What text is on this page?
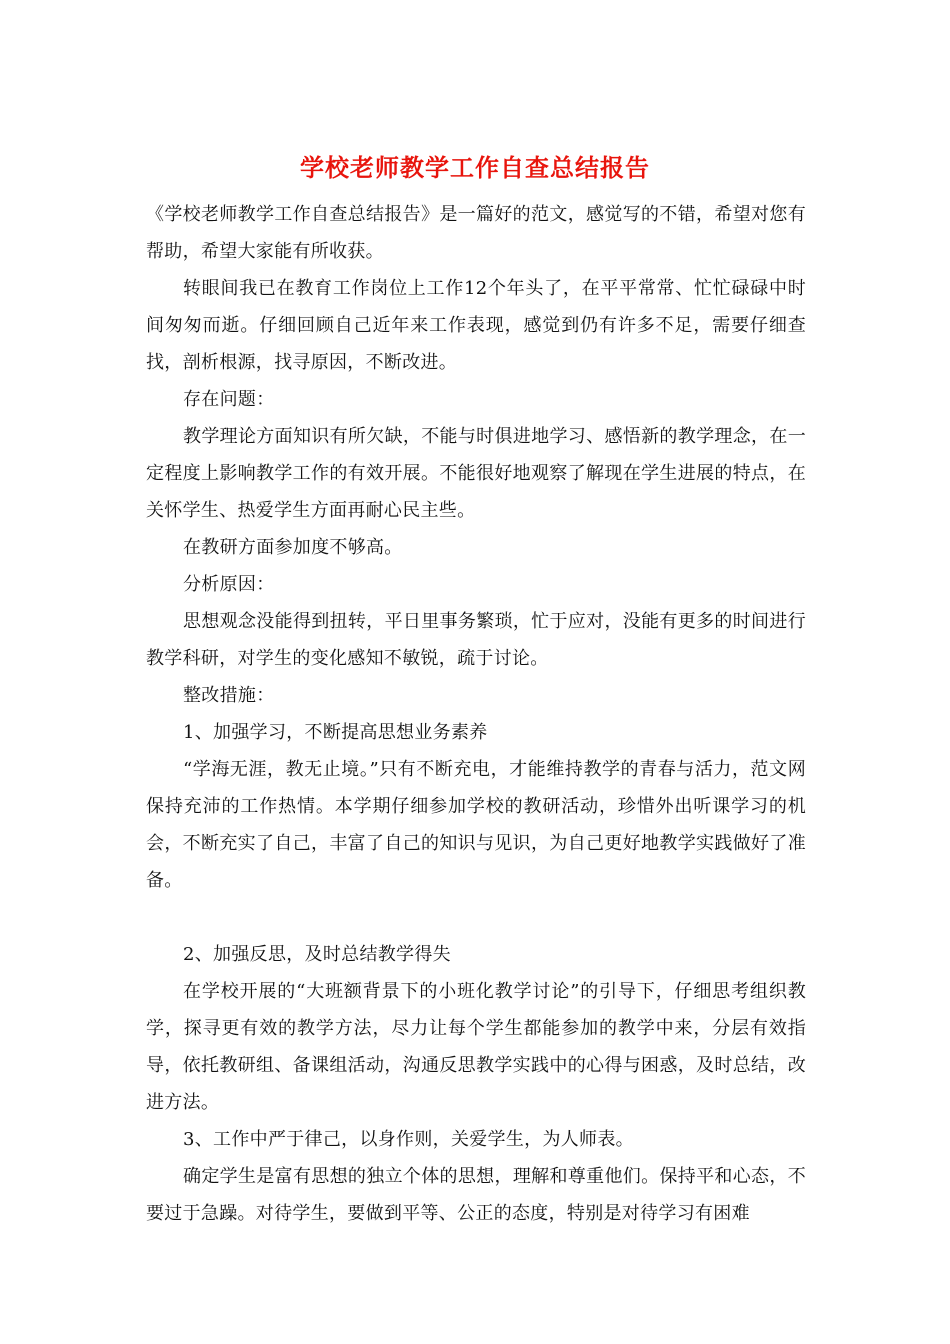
学校老师教学工作自查总结报告

《学校老师教学工作自查总结报告》是一篇好的范文，感觉写的不错，希望对您有帮助，希望大家能有所收获。

转眼间我已在教育工作岗位上工作12个年头了，在平平常常、忙忙碌碌中时间匆匆而逝。仔细回顾自己近年来工作表现，感觉到仍有许多不足，需要仔细查找，剖析根源，找寻原因，不断改进。

存在问题：

教学理论方面知识有所欠缺，不能与时俱进地学习、感悟新的教学理念，在一定程度上影响教学工作的有效开展。不能很好地观察了解现在学生进展的特点，在关怀学生、热爱学生方面再耐心民主些。

在教研方面参加度不够高。

分析原因：

思想观念没能得到扭转，平日里事务繁琐，忙于应对，没能有更多的时间进行教学科研，对学生的变化感知不敏锐，疏于讨论。

整改措施：

1、加强学习，不断提高思想业务素养

“学海无涯，教无止境。”只有不断充电，才能维持教学的青春与活力，范文网保持充沛的工作热情。本学期仔细参加学校的教研活动，珍惜外出听课学习的机会，不断充实了自己，丰富了自己的知识与见识，为自己更好地教学实践做好了准备。

2、加强反思，及时总结教学得失

在学校开展的“大班额背景下的小班化教学讨论”的引导下，仔细思考组织教学，探寻更有效的教学方法，尽力让每个学生都能参加的教学中来，分层有效指导，依托教研组、备课组活动，沟通反思教学实践中的心得与困惑，及时总结，改进方法。

3、工作中严于律己，以身作则，关爱学生，为人师表。

确定学生是富有思想的独立个体的思想，理解和尊重他们。保持平和心态，不要过于急躁。对待学生，要做到平等、公正的态度，特别是对待学习有困难
